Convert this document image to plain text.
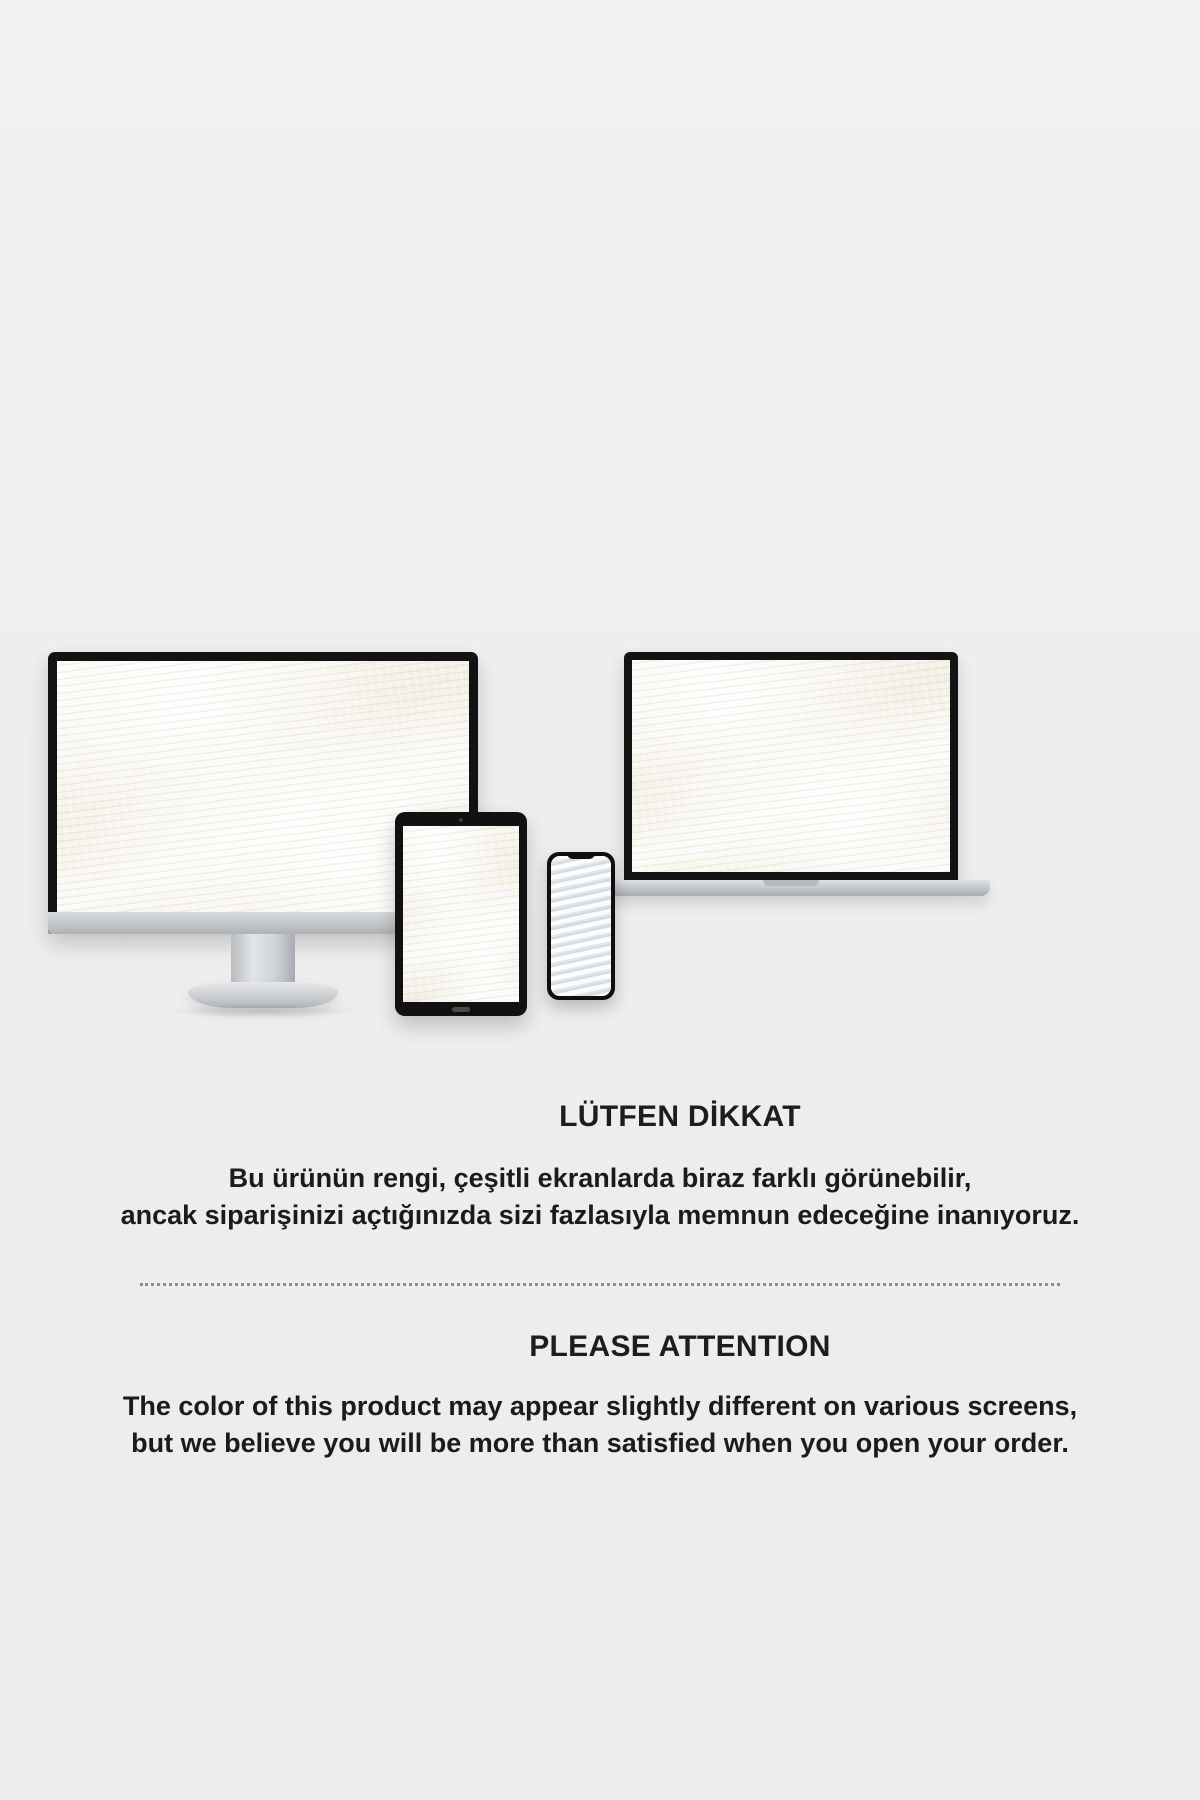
LÜTFEN DİKKAT

Bu ürünün rengi, çeşitli ekranlarda biraz farklı görünebilir,
ancak siparişinizi açtığınızda sizi fazlasıyla memnun edeceğine inanıyoruz.

PLEASE ATTENTION

The color of this product may appear slightly different on various screens,
but we believe you will be more than satisfied when you open your order.
